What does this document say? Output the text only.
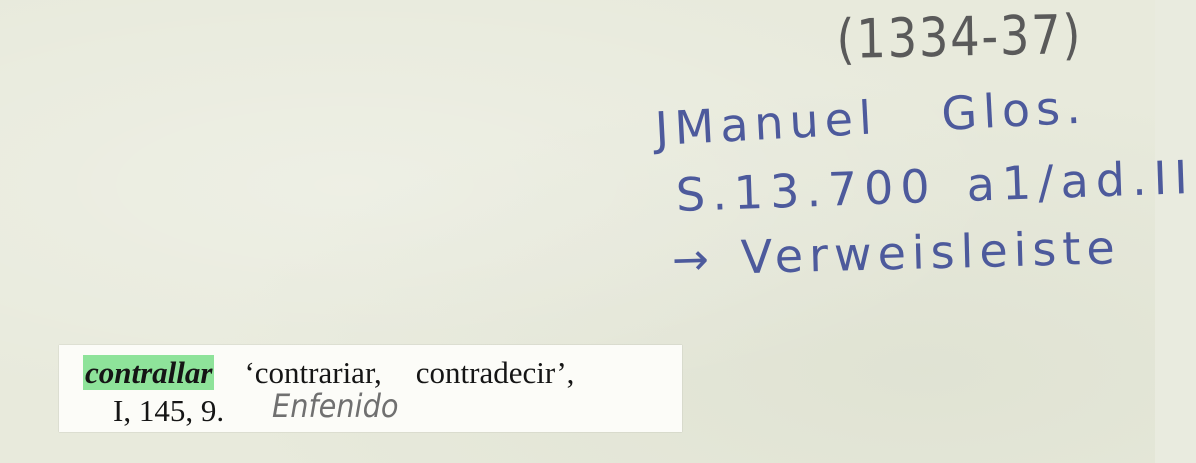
(1334-37)
JManuel Glos.
S.13.700 a1/ad.II
→ Verweisleiste
contrallar ‘contrariar, contradecir’,
I, 145, 9. Enfenido
